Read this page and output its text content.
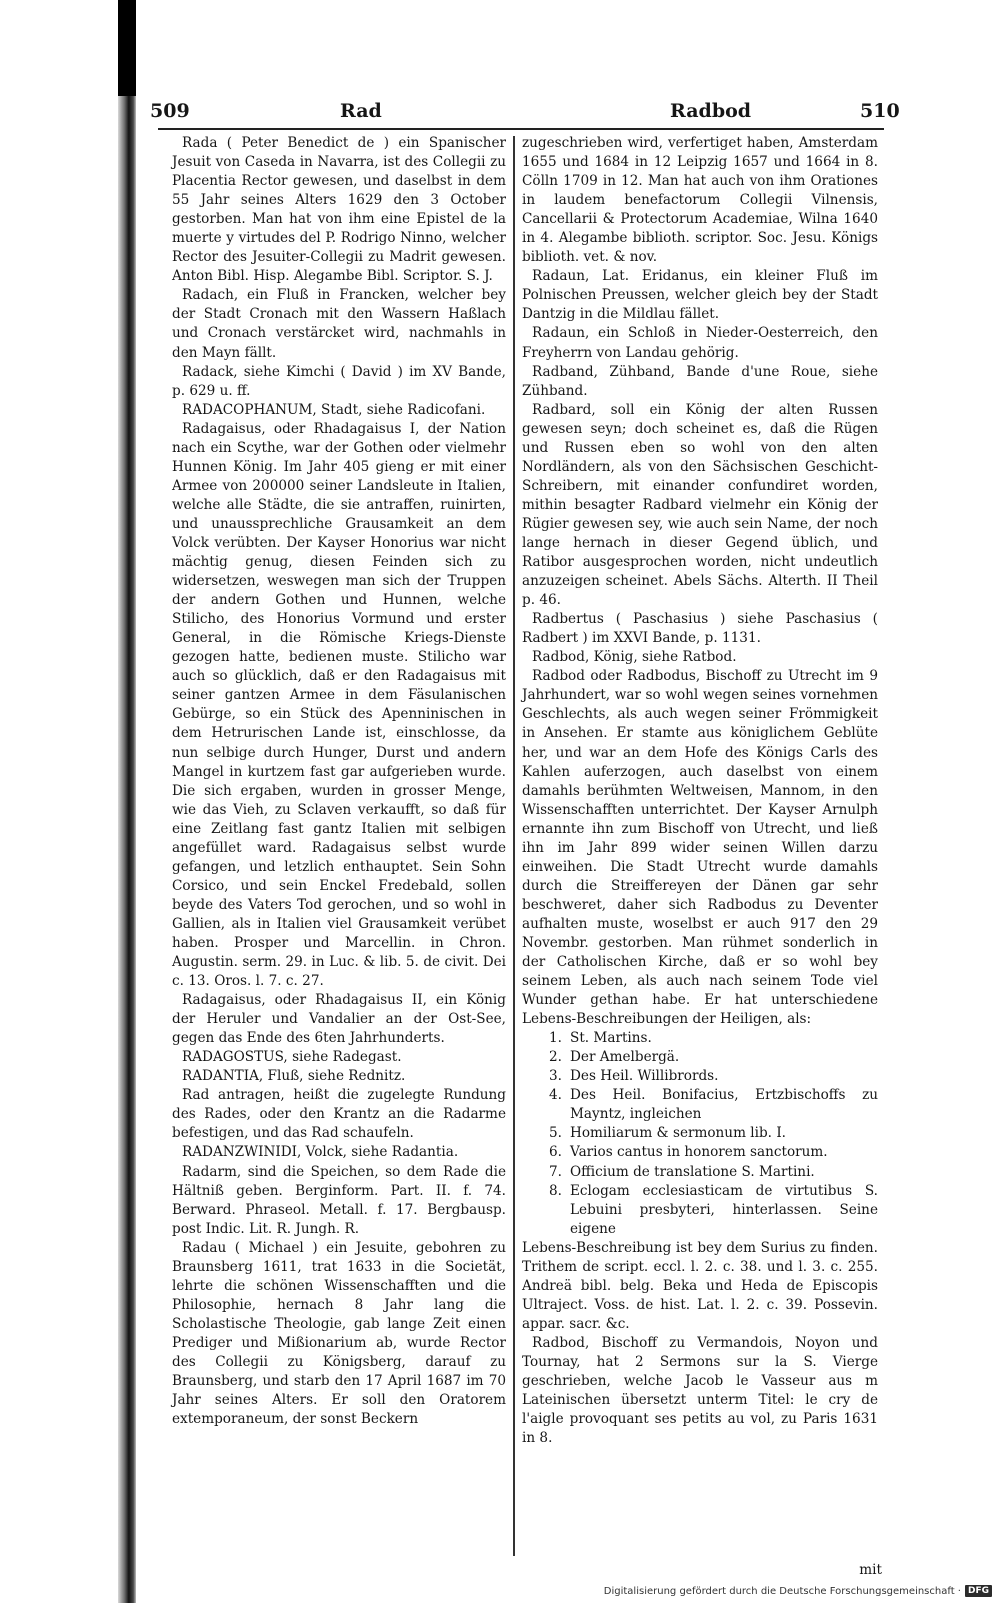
509	Rad	Radbod	510

Rada ( Peter Benedict de ) ein Spanischer Jesuit von Caseda in Navarra, ist des Collegii zu Placentia Rector gewesen, und daselbst in dem 55 Jahr seines Alters 1629 den 3 October gestorben. Man hat von ihm eine Epistel de la muerte y virtudes del P. Rodrigo Ninno, welcher Rector des Jesuiter-Collegii zu Madrit gewesen. Anton Bibl. Hisp. Alegambe Bibl. Scriptor. S. J.

Radach, ein Fluß in Francken, welcher bey der Stadt Cronach mit den Wassern Haßlach und Cronach verstärcket wird, nachmahls in den Mayn fällt.

Radack, siehe Kimchi ( David ) im XV Bande, p. 629 u. ff.

RADACOPHANUM, Stadt, siehe Radicofani.

Radagaisus, oder Rhadagaisus I, der Nation nach ein Scythe, war der Gothen oder vielmehr Hunnen König. Im Jahr 405 gieng er mit einer Armee von 200000 seiner Landsleute in Italien, welche alle Städte, die sie antraffen, ruinirten, und unaussprechliche Grausamkeit an dem Volck verübten. Der Kayser Honorius war nicht mächtig genug, diesen Feinden sich zu widersetzen, weswegen man sich der Truppen der andern Gothen und Hunnen, welche Stilicho, des Honorius Vormund und erster General, in die Römische Kriegs-Dienste gezogen hatte, bedienen muste. Stilicho war auch so glücklich, daß er den Radagaisus mit seiner gantzen Armee in dem Fäsulanischen Gebürge, so ein Stück des Apenninischen in dem Hetrurischen Lande ist, einschlosse, da nun selbige durch Hunger, Durst und andern Mangel in kurtzem fast gar aufgerieben wurde. Die sich ergaben, wurden in grosser Menge, wie das Vieh, zu Sclaven verkaufft, so daß für eine Zeitlang fast gantz Italien mit selbigen angefüllet ward. Radagaisus selbst wurde gefangen, und letzlich enthauptet. Sein Sohn Corsico, und sein Enckel Fredebald, sollen beyde des Vaters Tod gerochen, und so wohl in Gallien, als in Italien viel Grausamkeit verübet haben. Prosper und Marcellin. in Chron. Augustin. serm. 29. in Luc. & lib. 5. de civit. Dei c. 13. Oros. l. 7. c. 27.

Radagaisus, oder Rhadagaisus II, ein König der Heruler und Vandalier an der Ost-See, gegen das Ende des 6ten Jahrhunderts.

RADAGOSTUS, siehe Radegast.

RADANTIA, Fluß, siehe Rednitz.

Rad antragen, heißt die zugelegte Rundung des Rades, oder den Krantz an die Radarme befestigen, und das Rad schaufeln.

RADANZWINIDI, Volck, siehe Radantia.

Radarm, sind die Speichen, so dem Rade die Hältniß geben. Berginform. Part. II. f. 74. Berward. Phraseol. Metall. f. 17. Bergbausp. post Indic. Lit. R. Jungh. R.

Radau ( Michael ) ein Jesuite, gebohren zu Braunsberg 1611, trat 1633 in die Societät, lehrte die schönen Wissenschafften und die Philosophie, hernach 8 Jahr lang die Scholastische Theologie, gab lange Zeit einen Prediger und Mißionarium ab, wurde Rector des Collegii zu Königsberg, darauf zu Braunsberg, und starb den 17 April 1687 im 70 Jahr seines Alters. Er soll den Oratorem extemporaneum, der sonst Beckern

zugeschrieben wird, verfertiget haben, Amsterdam 1655 und 1684 in 12 Leipzig 1657 und 1664 in 8. Cölln 1709 in 12. Man hat auch von ihm Orationes in laudem benefactorum Collegii Vilnensis, Cancellarii & Protectorum Academiae, Wilna 1640 in 4. Alegambe biblioth. scriptor. Soc. Jesu. Königs biblioth. vet. & nov.

Radaun, Lat. Eridanus, ein kleiner Fluß im Polnischen Preussen, welcher gleich bey der Stadt Dantzig in die Mildlau fället.

Radaun, ein Schloß in Nieder-Oesterreich, den Freyherrn von Landau gehörig.

Radband, Zühband, Bande d'une Roue, siehe Zühband.

Radbard, soll ein König der alten Russen gewesen seyn; doch scheinet es, daß die Rügen und Russen eben so wohl von den alten Nordländern, als von den Sächsischen Geschicht-Schreibern, mit einander confundiret worden, mithin besagter Radbard vielmehr ein König der Rügier gewesen sey, wie auch sein Name, der noch lange hernach in dieser Gegend üblich, und Ratibor ausgesprochen worden, nicht undeutlich anzuzeigen scheinet. Abels Sächs. Alterth. II Theil p. 46.

Radbertus ( Paschasius ) siehe Paschasius ( Radbert ) im XXVI Bande, p. 1131.

Radbod, König, siehe Ratbod.

Radbod oder Radbodus, Bischoff zu Utrecht im 9 Jahrhundert, war so wohl wegen seines vornehmen Geschlechts, als auch wegen seiner Frömmigkeit in Ansehen. Er stamte aus königlichem Geblüte her, und war an dem Hofe des Königs Carls des Kahlen auferzogen, auch daselbst von einem damahls berühmten Weltweisen, Mannom, in den Wissenschafften unterrichtet. Der Kayser Arnulph ernannte ihn zum Bischoff von Utrecht, und ließ ihn im Jahr 899 wider seinen Willen darzu einweihen. Die Stadt Utrecht wurde damahls durch die Streiffereyen der Dänen gar sehr beschweret, daher sich Radbodus zu Deventer aufhalten muste, woselbst er auch 917 den 29 Novembr. gestorben. Man rühmet sonderlich in der Catholischen Kirche, daß er so wohl bey seinem Leben, als auch nach seinem Tode viel Wunder gethan habe. Er hat unterschiedene Lebens-Beschreibungen der Heiligen, als:

1. St. Martins.
2. Der Amelbergä.
3. Des Heil. Willibrords.
4. Des Heil. Bonifacius, Ertzbischoffs zu Mayntz, ingleichen
5. Homiliarum & sermonum lib. I.
6. Varios cantus in honorem sanctorum.
7. Officium de translatione S. Martini.
8. Eclogam ecclesiasticam de virtutibus S. Lebuini presbyteri, hinterlassen. Seine eigene

Lebens-Beschreibung ist bey dem Surius zu finden. Trithem de script. eccl. l. 2. c. 38. und l. 3. c. 255. Andreä bibl. belg. Beka und Heda de Episcopis Ultraject. Voss. de hist. Lat. l. 2. c. 39. Possevin. appar. sacr. &c.

Radbod, Bischoff zu Vermandois, Noyon und Tournay, hat 2 Sermons sur la S. Vierge geschrieben, welche Jacob le Vasseur aus m Lateinischen übersetzt unterm Titel: le cry de l'aigle provoquant ses petits au vol, zu Paris 1631 in 8.

mit
Digitalisierung gefördert durch die Deutsche Forschungsgemeinschaft · DFG
